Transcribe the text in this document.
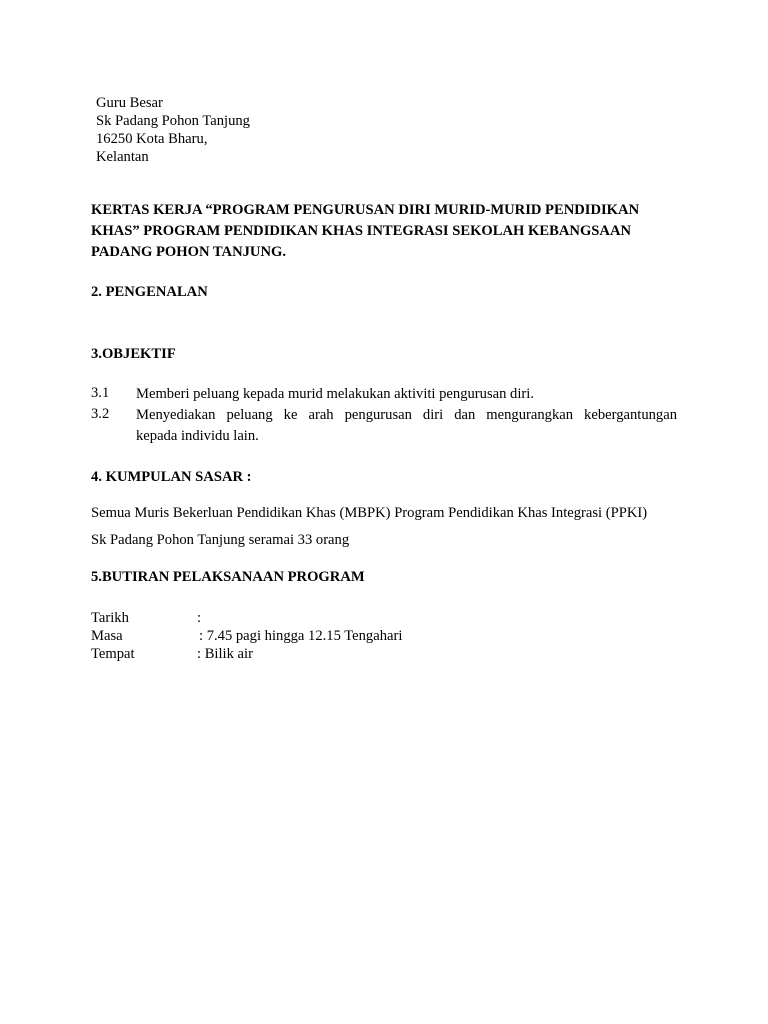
Guru Besar
Sk Padang Pohon Tanjung
16250 Kota Bharu,
Kelantan
KERTAS KERJA “PROGRAM PENGURUSAN DIRI MURID-MURID PENDIDIKAN
KHAS” PROGRAM PENDIDIKAN KHAS INTEGRASI SEKOLAH KEBANGSAAN
PADANG POHON TANJUNG.
2. PENGENALAN
3.OBJEKTIF
3.1 Memberi peluang kepada murid melakukan aktiviti pengurusan diri.
3.2 Menyediakan peluang ke arah pengurusan diri dan mengurangkan kebergantungan
kepada individu lain.
4. KUMPULAN SASAR :
Semua Muris Bekerluan Pendidikan Khas (MBPK) Program Pendidikan Khas Integrasi (PPKI)
Sk Padang Pohon Tanjung seramai 33 orang
5.BUTIRAN PELAKSANAAN PROGRAM
Tarikh	:
Masa	: 7.45 pagi hingga 12.15 Tengahari
Tempat	: Bilik air
